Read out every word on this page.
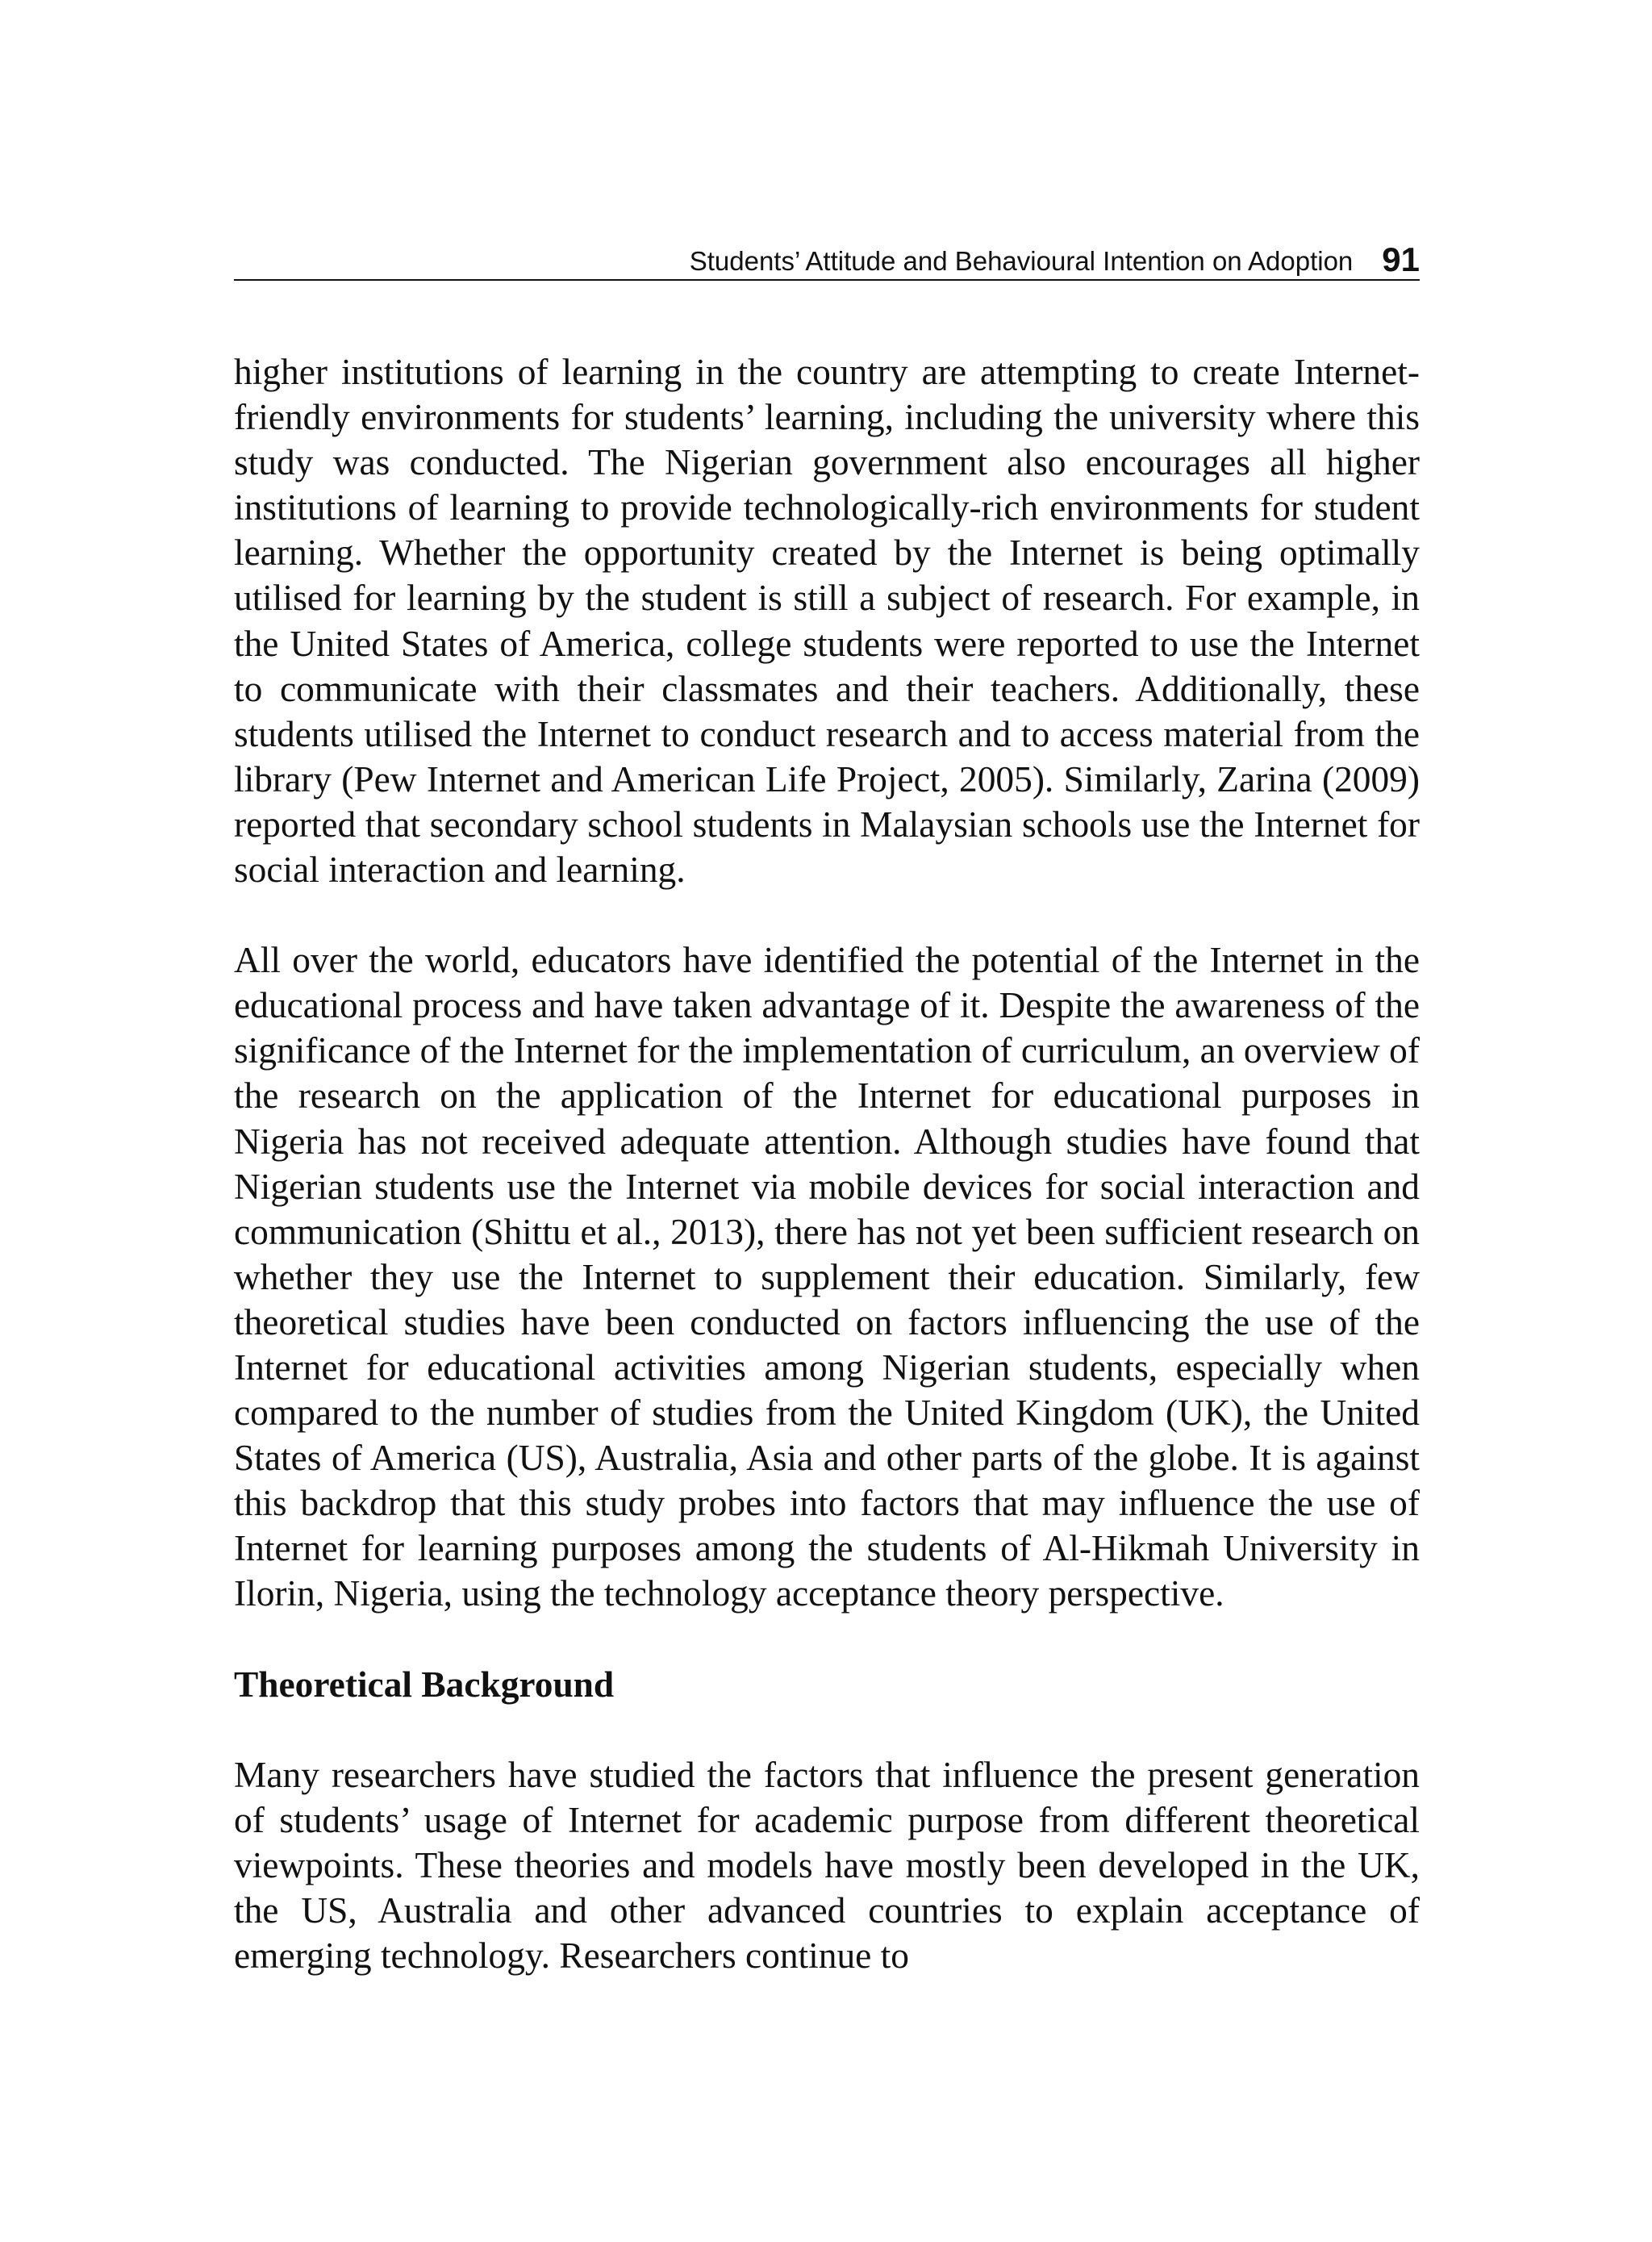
Students’ Attitude and Behavioural Intention on Adoption 91

higher institutions of learning in the country are attempting to create Internet-friendly environments for students’ learning, including the university where this study was conducted. The Nigerian government also encourages all higher institutions of learning to provide technologically-rich environments for student learning. Whether the opportunity created by the Internet is being optimally utilised for learning by the student is still a subject of research. For example, in the United States of America, college students were reported to use the Internet to communicate with their classmates and their teachers. Additionally, these students utilised the Internet to conduct research and to access material from the library (Pew Internet and American Life Project, 2005). Similarly, Zarina (2009) reported that secondary school students in Malaysian schools use the Internet for social interaction and learning.

All over the world, educators have identified the potential of the Internet in the educational process and have taken advantage of it. Despite the awareness of the significance of the Internet for the implementation of curriculum, an overview of the research on the application of the Internet for educational purposes in Nigeria has not received adequate attention. Although studies have found that Nigerian students use the Internet via mobile devices for social interaction and communication (Shittu et al., 2013), there has not yet been sufficient research on whether they use the Internet to supplement their education. Similarly, few theoretical studies have been conducted on factors influencing the use of the Internet for educational activities among Nigerian students, especially when compared to the number of studies from the United Kingdom (UK), the United States of America (US), Australia, Asia and other parts of the globe. It is against this backdrop that this study probes into factors that may influence the use of Internet for learning purposes among the students of Al-Hikmah University in Ilorin, Nigeria, using the technology acceptance theory perspective.

Theoretical Background

Many researchers have studied the factors that influence the present generation of students’ usage of Internet for academic purpose from different theoretical viewpoints. These theories and models have mostly been developed in the UK, the US, Australia and other advanced countries to explain acceptance of emerging technology. Researchers continue to
